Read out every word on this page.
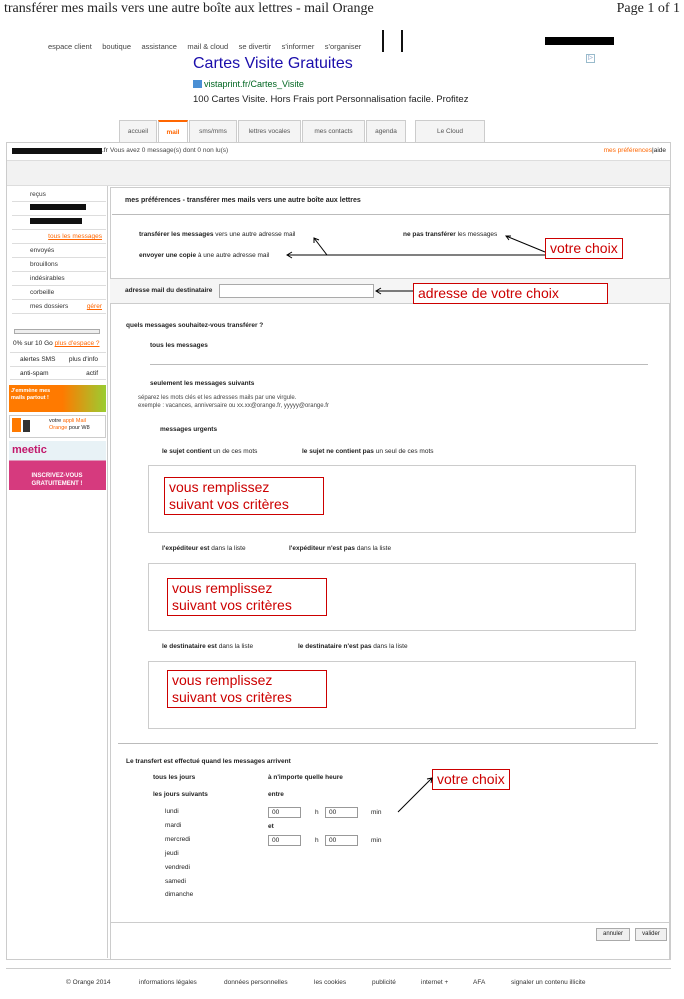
transférer mes mails vers une autre boîte aux lettres - mail Orange	Page 1 of 1
espace client boutique assistance mail & cloud se divertir s'informer s'organiser
Cartes Visite Gratuites
vistaprint.fr/Cartes_Visite
100 Cartes Visite. Hors Frais port Personnalisation facile. Profitez
▷
accueil	mail	sms/mms	lettres vocales	mes contacts	agenda	Le Cloud
.fr Vous avez 0 message(s) dont 0 non lu(s)	mes préférences|aide
reçus
tous les messages
envoyés
brouillons
indésirables
corbeille
mes dossiers	gérer
0% sur 10 Go plus d'espace ?
alertes SMS plus d'info
anti-spam	actif
J'emmène mes mails partout !
votre appli Mail Orange pour W8
meetic
INSCRIVEZ-VOUS GRATUITEMENT !
mes préférences - transférer mes mails vers une autre boîte aux lettres
transférer les messages vers une autre adresse mail	ne pas transférer les messages
envoyer une copie à une autre adresse mail
adresse mail du destinataire
quels messages souhaitez-vous transférer ?
tous les messages
seulement les messages suivants
séparez les mots clés et les adresses mails par une virgule.
exemple : vacances, anniversaire ou xx.xx@orange.fr, yyyyy@orange.fr
messages urgents
le sujet contient un de ces mots	le sujet ne contient pas un seul de ces mots
l'expéditeur est dans la liste	l'expéditeur n'est pas dans la liste
le destinataire est dans la liste	le destinataire n'est pas dans la liste
Le transfert est effectué quand les messages arrivent
tous les jours	à n'importe quelle heure
les jours suivants	entre
lundi
mardi
mercredi
jeudi
vendredi
samedi
dimanche
00	h	00	min
et
00	h	00	min
annuler	valider
votre choix
adresse de votre choix
vous remplissez
suivant vos critères
vous remplissez
suivant vos critères
vous remplissez
suivant vos critères
votre choix
© Orange 2014	informations légales	données personnelles	les cookies	publicité	internet +	AFA	signaler un contenu illicite
